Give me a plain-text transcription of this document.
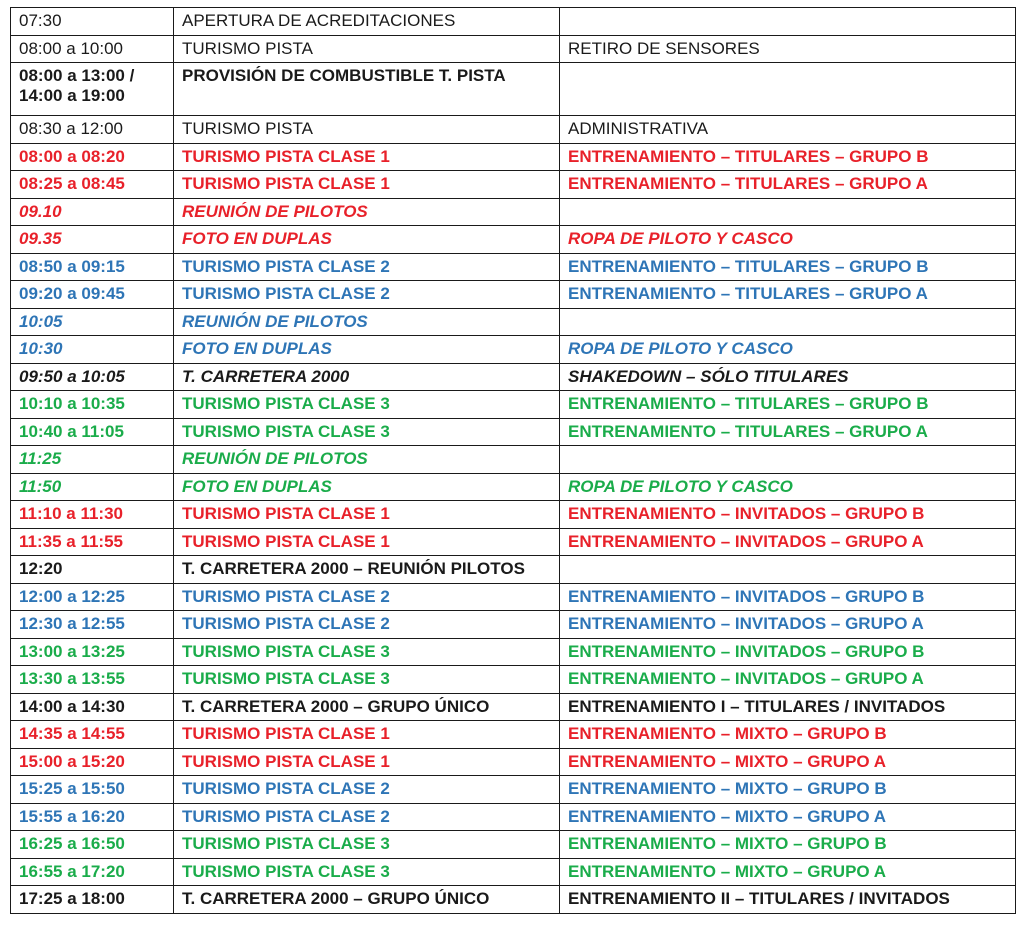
07:30	APERTURA DE ACREDITACIONES	
08:00 a 10:00	TURISMO PISTA	RETIRO DE SENSORES
08:00 a 13:00 / 14:00 a 19:00	PROVISIÓN DE COMBUSTIBLE T. PISTA	
08:30 a 12:00	TURISMO PISTA	ADMINISTRATIVA
08:00 a 08:20	TURISMO PISTA CLASE 1	ENTRENAMIENTO – TITULARES – GRUPO B
08:25 a 08:45	TURISMO PISTA CLASE 1	ENTRENAMIENTO – TITULARES – GRUPO A
09.10	REUNIÓN DE PILOTOS	
09.35	FOTO EN DUPLAS	ROPA DE PILOTO Y CASCO
08:50 a 09:15	TURISMO PISTA CLASE 2	ENTRENAMIENTO – TITULARES – GRUPO B
09:20 a 09:45	TURISMO PISTA CLASE 2	ENTRENAMIENTO – TITULARES – GRUPO A
10:05	REUNIÓN DE PILOTOS	
10:30	FOTO EN DUPLAS	ROPA DE PILOTO Y CASCO
09:50 a 10:05	T. CARRETERA 2000	SHAKEDOWN – SÓLO TITULARES
10:10 a 10:35	TURISMO PISTA CLASE 3	ENTRENAMIENTO – TITULARES – GRUPO B
10:40 a 11:05	TURISMO PISTA CLASE 3	ENTRENAMIENTO – TITULARES – GRUPO A
11:25	REUNIÓN DE PILOTOS	
11:50	FOTO EN DUPLAS	ROPA DE PILOTO Y CASCO
11:10 a 11:30	TURISMO PISTA CLASE 1	ENTRENAMIENTO – INVITADOS – GRUPO B
11:35 a 11:55	TURISMO PISTA CLASE 1	ENTRENAMIENTO – INVITADOS – GRUPO A
12:20	T. CARRETERA 2000 – REUNIÓN PILOTOS	
12:00 a 12:25	TURISMO PISTA CLASE 2	ENTRENAMIENTO – INVITADOS – GRUPO B
12:30 a 12:55	TURISMO PISTA CLASE 2	ENTRENAMIENTO – INVITADOS – GRUPO A
13:00 a 13:25	TURISMO PISTA CLASE 3	ENTRENAMIENTO – INVITADOS – GRUPO B
13:30 a 13:55	TURISMO PISTA CLASE 3	ENTRENAMIENTO – INVITADOS – GRUPO A
14:00 a 14:30	T. CARRETERA 2000 – GRUPO ÚNICO	ENTRENAMIENTO I – TITULARES / INVITADOS
14:35 a 14:55	TURISMO PISTA CLASE 1	ENTRENAMIENTO – MIXTO – GRUPO B
15:00 a 15:20	TURISMO PISTA CLASE 1	ENTRENAMIENTO – MIXTO – GRUPO A
15:25 a 15:50	TURISMO PISTA CLASE 2	ENTRENAMIENTO – MIXTO – GRUPO B
15:55 a 16:20	TURISMO PISTA CLASE 2	ENTRENAMIENTO – MIXTO – GRUPO A
16:25 a 16:50	TURISMO PISTA CLASE 3	ENTRENAMIENTO – MIXTO – GRUPO B
16:55 a 17:20	TURISMO PISTA CLASE 3	ENTRENAMIENTO – MIXTO – GRUPO A
17:25 a 18:00	T. CARRETERA 2000 – GRUPO ÚNICO	ENTRENAMIENTO II – TITULARES / INVITADOS
